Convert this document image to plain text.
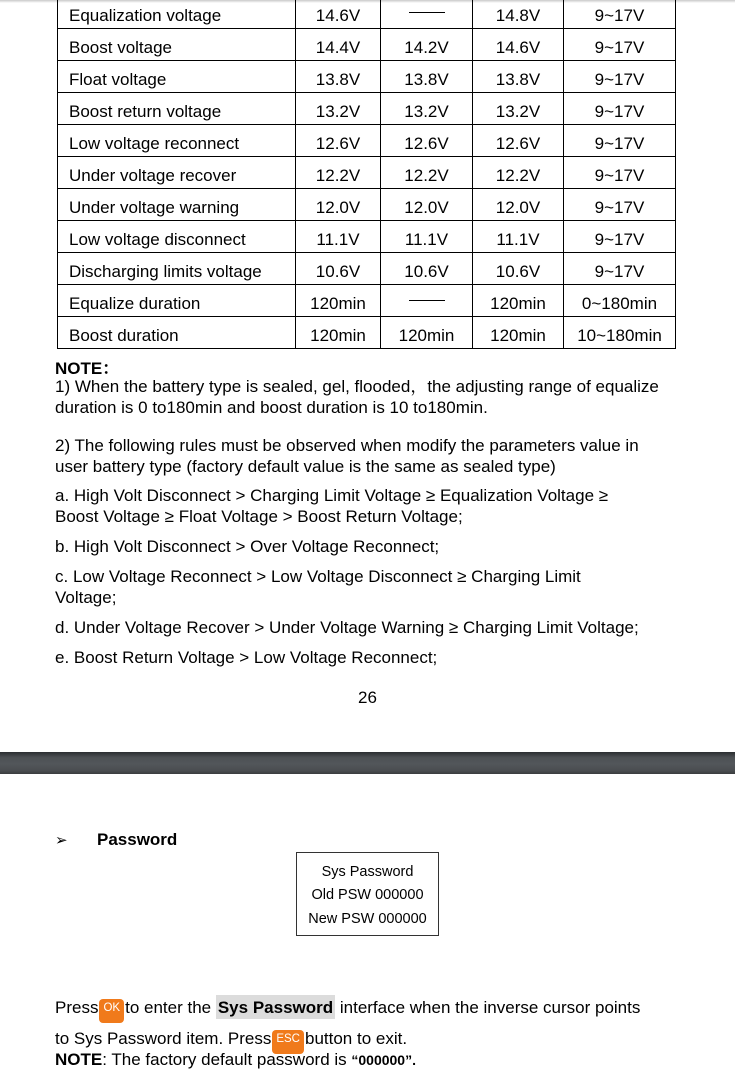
Equalization voltage	14.6V		14.8V	9~17V
Boost voltage	14.4V	14.2V	14.6V	9~17V
Float voltage	13.8V	13.8V	13.8V	9~17V
Boost return voltage	13.2V	13.2V	13.2V	9~17V
Low voltage reconnect	12.6V	12.6V	12.6V	9~17V
Under voltage recover	12.2V	12.2V	12.2V	9~17V
Under voltage warning	12.0V	12.0V	12.0V	9~17V
Low voltage disconnect	11.1V	11.1V	11.1V	9~17V
Discharging limits voltage	10.6V	10.6V	10.6V	9~17V
Equalize duration	120min		120min	0~180min
Boost duration	120min	120min	120min	10~180min
NOTE：
1) When the battery type is sealed, gel, flooded，the adjusting range of equalize duration is 0 to180min and boost duration is 10 to180min.
2) The following rules must be observed when modify the parameters value in
user battery type (factory default value is the same as sealed type)
a. High Volt Disconnect > Charging Limit Voltage ≥ Equalization Voltage ≥
Boost Voltage ≥ Float Voltage > Boost Return Voltage;
b. High Volt Disconnect > Over Voltage Reconnect;
c. Low Voltage Reconnect > Low Voltage Disconnect ≥ Charging Limit
Voltage;
d. Under Voltage Recover > Under Voltage Warning ≥ Charging Limit Voltage;
e. Boost Return Voltage > Low Voltage Reconnect;
26
➢ Password
Sys Password
Old PSW 000000
New PSW 000000
Press OK to enter the Sys Password interface when the inverse cursor points
to Sys Password item. Press ESC button to exit.
NOTE: The factory default password is “000000”.
